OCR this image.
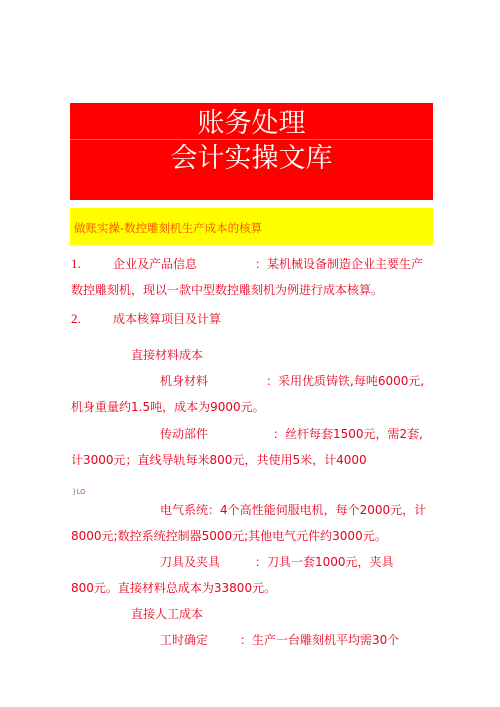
账务处理
会计实操文库
做账实操-数控雕刻机生产成本的核算
1.	企业及产品信息	：某机械设备制造企业主要生产
数控雕刻机，现以一款中型数控雕刻机为例进行成本核算。
2.	成本核算项目及计算
直接材料成本
机身材料	：采用优质铸铁,每吨6000元,
机身重量约1.5吨，成本为9000元。
传动部件	：丝杆每套1500元，需2套,
计3000元；直线导轨每米800元，共使用5米，计4000
}LO
电气系统：4个高性能伺服电机，每个2000元，计
8000元;数控系统控制器5000元;其他电气元件约3000元。
刀具及夹具	：刀具一套1000元，夹具
800元。直接材料总成本为33800元。
直接人工成本
工时确定	：生产一台雕刻机平均需30个
